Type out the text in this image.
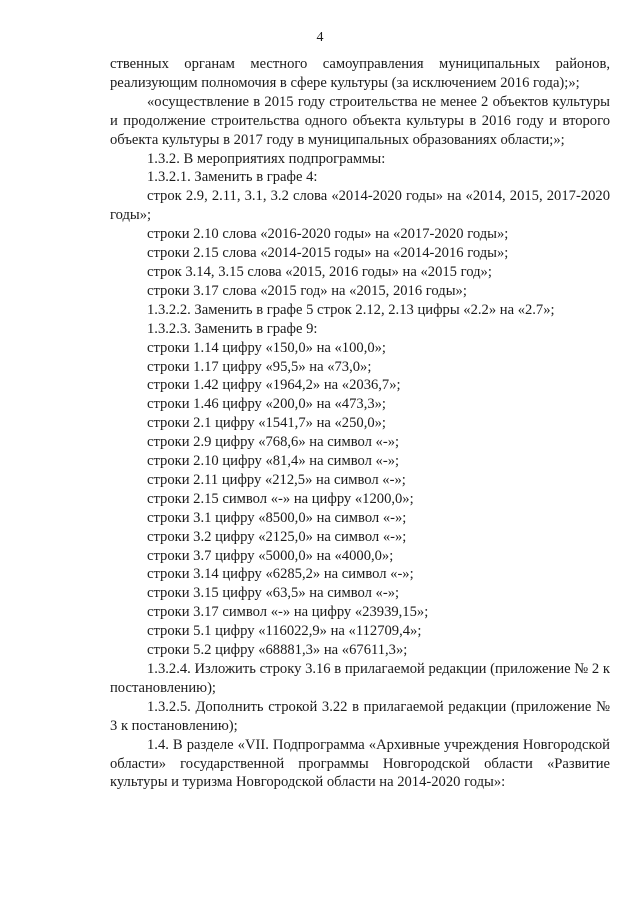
4

ственных органам местного самоуправления муниципальных районов, реализующим полномочия в сфере культуры (за исключением 2016 года);»;

«осуществление в 2015 году строительства не менее 2 объектов культуры и продолжение строительства одного объекта культуры в 2016 году и второго объекта культуры в 2017 году в муниципальных образованиях области;»;

1.3.2. В мероприятиях подпрограммы:

1.3.2.1. Заменить в графе 4:

строк 2.9, 2.11, 3.1, 3.2 слова «2014-2020 годы» на «2014, 2015, 2017-2020 годы»;

строки 2.10 слова «2016-2020 годы» на «2017-2020 годы»;

строки 2.15 слова «2014-2015 годы» на «2014-2016 годы»;

строк 3.14, 3.15 слова «2015, 2016 годы» на «2015 год»;

строки 3.17 слова «2015 год» на «2015, 2016 годы»;

1.3.2.2. Заменить в графе 5 строк 2.12, 2.13 цифры «2.2» на «2.7»;

1.3.2.3. Заменить в графе 9:

строки 1.14 цифру «150,0» на «100,0»;

строки 1.17 цифру «95,5» на «73,0»;

строки 1.42 цифру «1964,2» на «2036,7»;

строки 1.46 цифру «200,0» на «473,3»;

строки 2.1 цифру «1541,7» на «250,0»;

строки 2.9 цифру «768,6» на символ «-»;

строки 2.10 цифру «81,4» на символ «-»;

строки 2.11 цифру «212,5» на символ «-»;

строки 2.15 символ «-» на цифру «1200,0»;

строки 3.1 цифру «8500,0» на символ «-»;

строки 3.2 цифру «2125,0» на символ «-»;

строки 3.7 цифру «5000,0» на «4000,0»;

строки 3.14 цифру «6285,2» на символ «-»;

строки 3.15 цифру «63,5» на символ «-»;

строки 3.17 символ «-» на цифру «23939,15»;

строки 5.1 цифру «116022,9» на «112709,4»;

строки 5.2 цифру «68881,3» на «67611,3»;

1.3.2.4. Изложить строку 3.16 в прилагаемой редакции (приложение № 2 к постановлению);

1.3.2.5. Дополнить строкой 3.22 в прилагаемой редакции (приложение № 3 к постановлению);

1.4. В разделе «VII. Подпрограмма «Архивные учреждения Новгородской области» государственной программы Новгородской области «Развитие культуры и туризма Новгородской области на 2014-2020 годы»:
